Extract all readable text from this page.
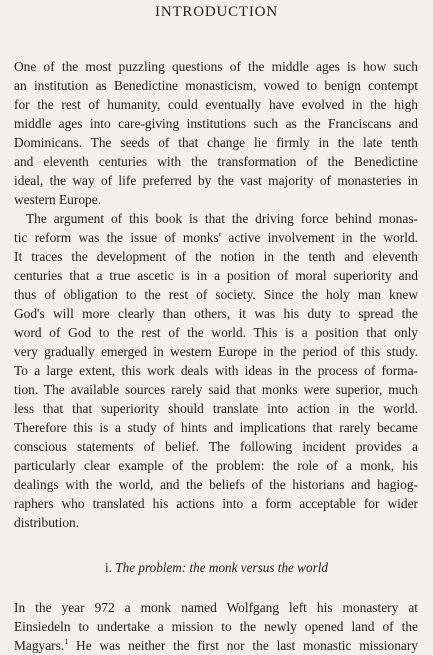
INTRODUCTION
One of the most puzzling questions of the middle ages is how such
an institution as Benedictine monasticism, vowed to benign contempt
for the rest of humanity, could eventually have evolved in the high
middle ages into care-giving institutions such as the Franciscans and
Dominicans. The seeds of that change lie firmly in the late tenth
and eleventh centuries with the transformation of the Benedictine
ideal, the way of life preferred by the vast majority of monasteries in
western Europe.
The argument of this book is that the driving force behind monas-
tic reform was the issue of monks' active involvement in the world.
It traces the development of the notion in the tenth and eleventh
centuries that a true ascetic is in a position of moral superiority and
thus of obligation to the rest of society. Since the holy man knew
God's will more clearly than others, it was his duty to spread the
word of God to the rest of the world. This is a position that only
very gradually emerged in western Europe in the period of this study.
To a large extent, this work deals with ideas in the process of forma-
tion. The available sources rarely said that monks were superior, much
less that that superiority should translate into action in the world.
Therefore this is a study of hints and implications that rarely became
conscious statements of belief. The following incident provides a
particularly clear example of the problem: the role of a monk, his
dealings with the world, and the beliefs of the historians and hagiog-
raphers who translated his actions into a form acceptable for wider
distribution.
i. The problem: the monk versus the world
In the year 972 a monk named Wolfgang left his monastery at
Einsiedeln to undertake a mission to the newly opened land of the
Magyars.$^1$ He was neither the first nor the last monastic missionary
